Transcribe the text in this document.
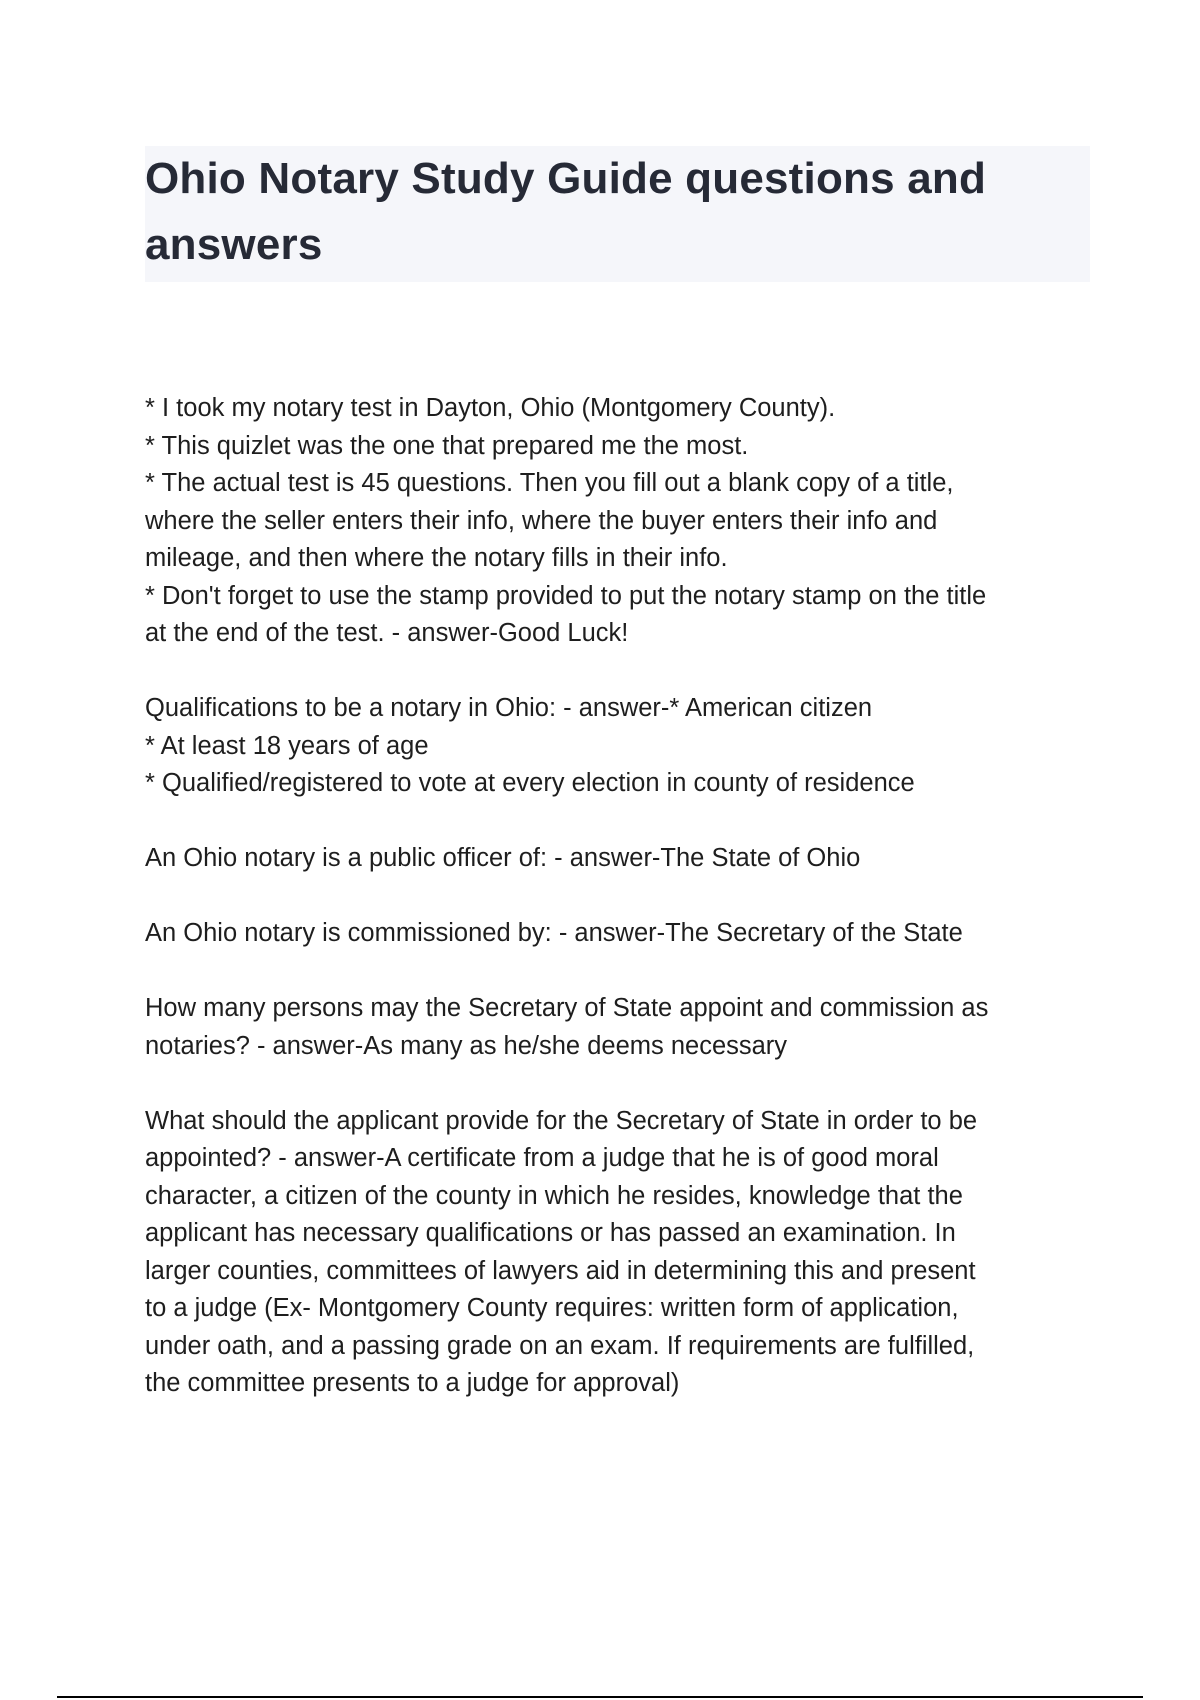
Ohio Notary Study Guide questions and
answers
* I took my notary test in Dayton, Ohio (Montgomery County).
* This quizlet was the one that prepared me the most.
* The actual test is 45 questions. Then you fill out a blank copy of a title,
where the seller enters their info, where the buyer enters their info and
mileage, and then where the notary fills in their info.
* Don't forget to use the stamp provided to put the notary stamp on the title
at the end of the test. - answer-Good Luck!
Qualifications to be a notary in Ohio: - answer-* American citizen
* At least 18 years of age
* Qualified/registered to vote at every election in county of residence
An Ohio notary is a public officer of: - answer-The State of Ohio
An Ohio notary is commissioned by: - answer-The Secretary of the State
How many persons may the Secretary of State appoint and commission as
notaries? - answer-As many as he/she deems necessary
What should the applicant provide for the Secretary of State in order to be
appointed? - answer-A certificate from a judge that he is of good moral
character, a citizen of the county in which he resides, knowledge that the
applicant has necessary qualifications or has passed an examination. In
larger counties, committees of lawyers aid in determining this and present
to a judge (Ex- Montgomery County requires: written form of application,
under oath, and a passing grade on an exam. If requirements are fulfilled,
the committee presents to a judge for approval)
